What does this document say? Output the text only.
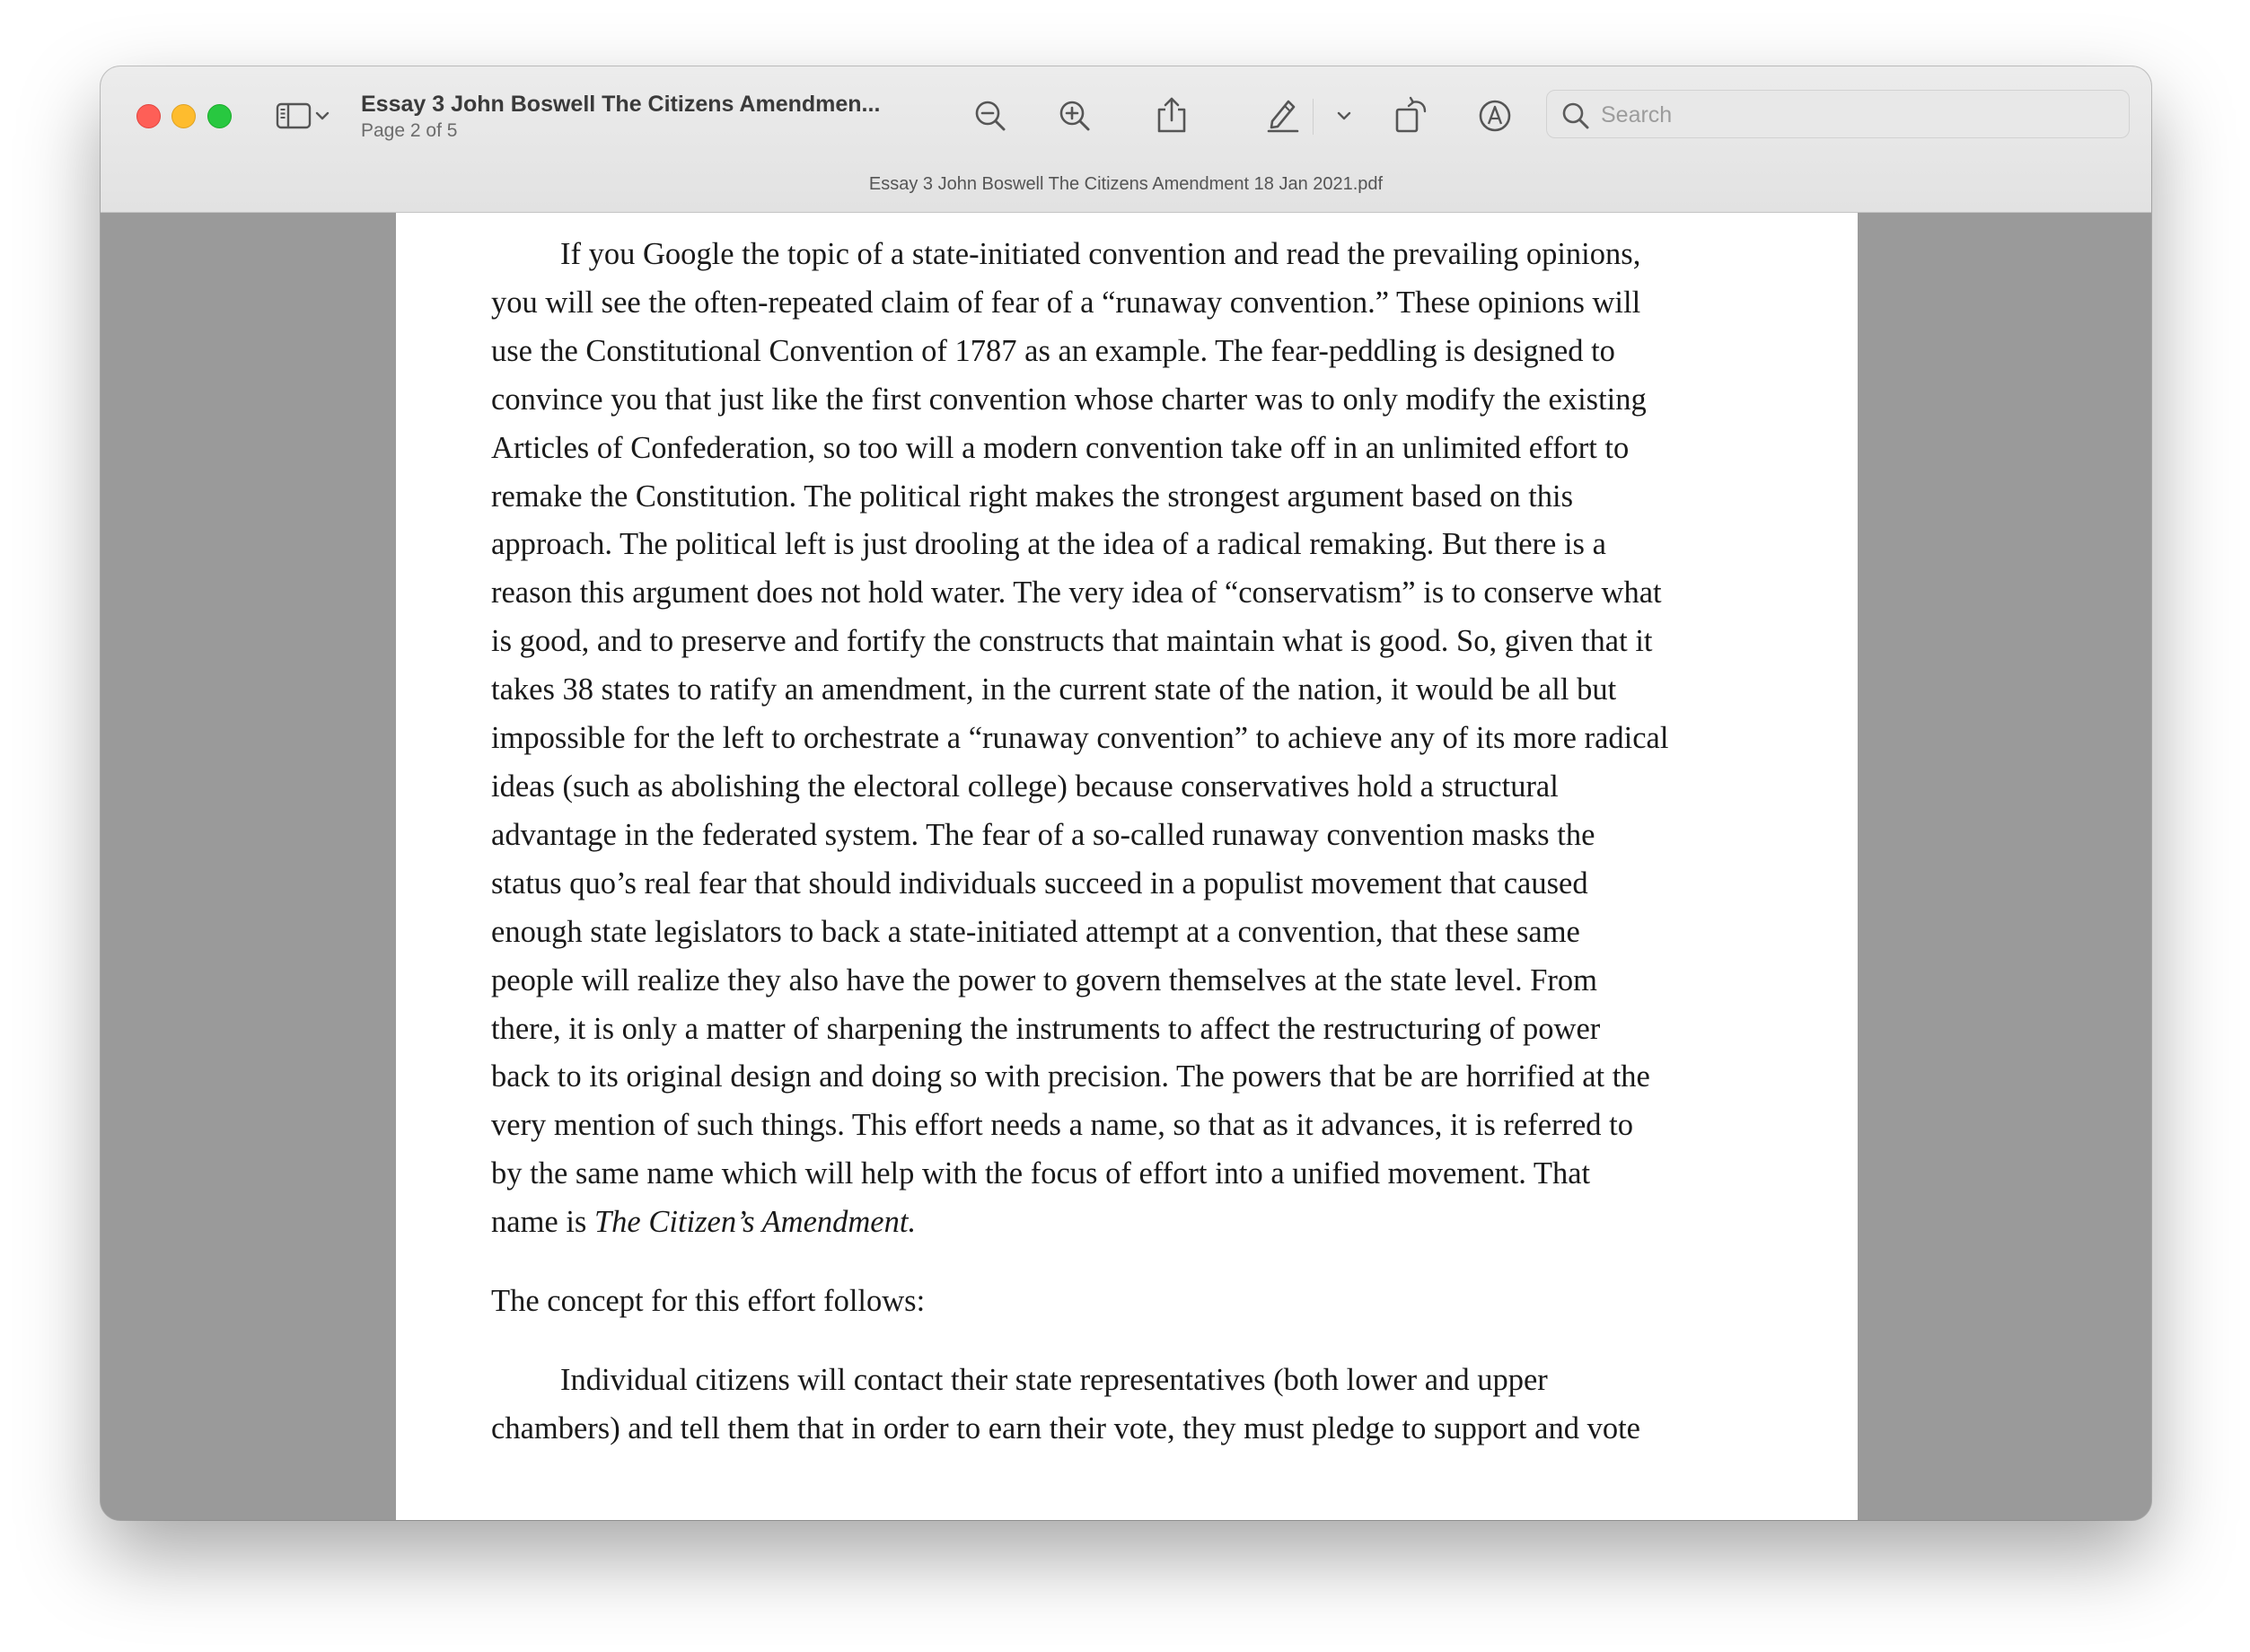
Essay 3 John Boswell The Citizens Amendmen...
Page 2 of 5
Search
Essay 3 John Boswell The Citizens Amendment 18 Jan 2021.pdf

If you Google the topic of a state-initiated convention and read the prevailing opinions,

you will see the often-repeated claim of fear of a “runaway convention.” These opinions will

use the Constitutional Convention of 1787 as an example. The fear-peddling is designed to

convince you that just like the first convention whose charter was to only modify the existing

Articles of Confederation, so too will a modern convention take off in an unlimited effort to

remake the Constitution. The political right makes the strongest argument based on this

approach. The political left is just drooling at the idea of a radical remaking. But there is a

reason this argument does not hold water. The very idea of “conservatism” is to conserve what

is good, and to preserve and fortify the constructs that maintain what is good. So, given that it

takes 38 states to ratify an amendment, in the current state of the nation, it would be all but

impossible for the left to orchestrate a “runaway convention” to achieve any of its more radical

ideas (such as abolishing the electoral college) because conservatives hold a structural

advantage in the federated system. The fear of a so-called runaway convention masks the

status quo’s real fear that should individuals succeed in a populist movement that caused

enough state legislators to back a state-initiated attempt at a convention, that these same

people will realize they also have the power to govern themselves at the state level. From

there, it is only a matter of sharpening the instruments to affect the restructuring of power

back to its original design and doing so with precision. The powers that be are horrified at the

very mention of such things. This effort needs a name, so that as it advances, it is referred to

by the same name which will help with the focus of effort into a unified movement. That

name is The Citizen’s Amendment.

The concept for this effort follows:

Individual citizens will contact their state representatives (both lower and upper

chambers) and tell them that in order to earn their vote, they must pledge to support and vote
